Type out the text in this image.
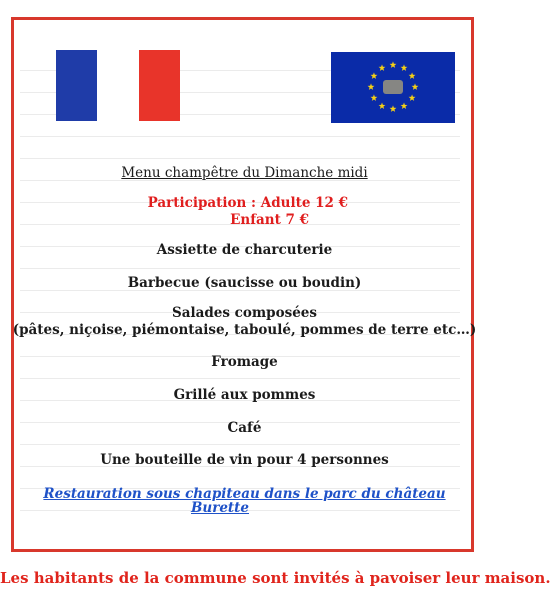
Menu champêtre du Dimanche midi
Participation : Adulte 12 €
Enfant 7 €
Assiette de charcuterie
Barbecue (saucisse ou boudin)
Salades composées
(pâtes, niçoise, piémontaise, taboulé, pommes de terre etc…)
Fromage
Grillé aux pommes
Café
Une bouteille de vin pour 4 personnes
Restauration sous chapiteau dans le parc du château
Burette
Les habitants de la commune sont invités à pavoiser leur maison.
